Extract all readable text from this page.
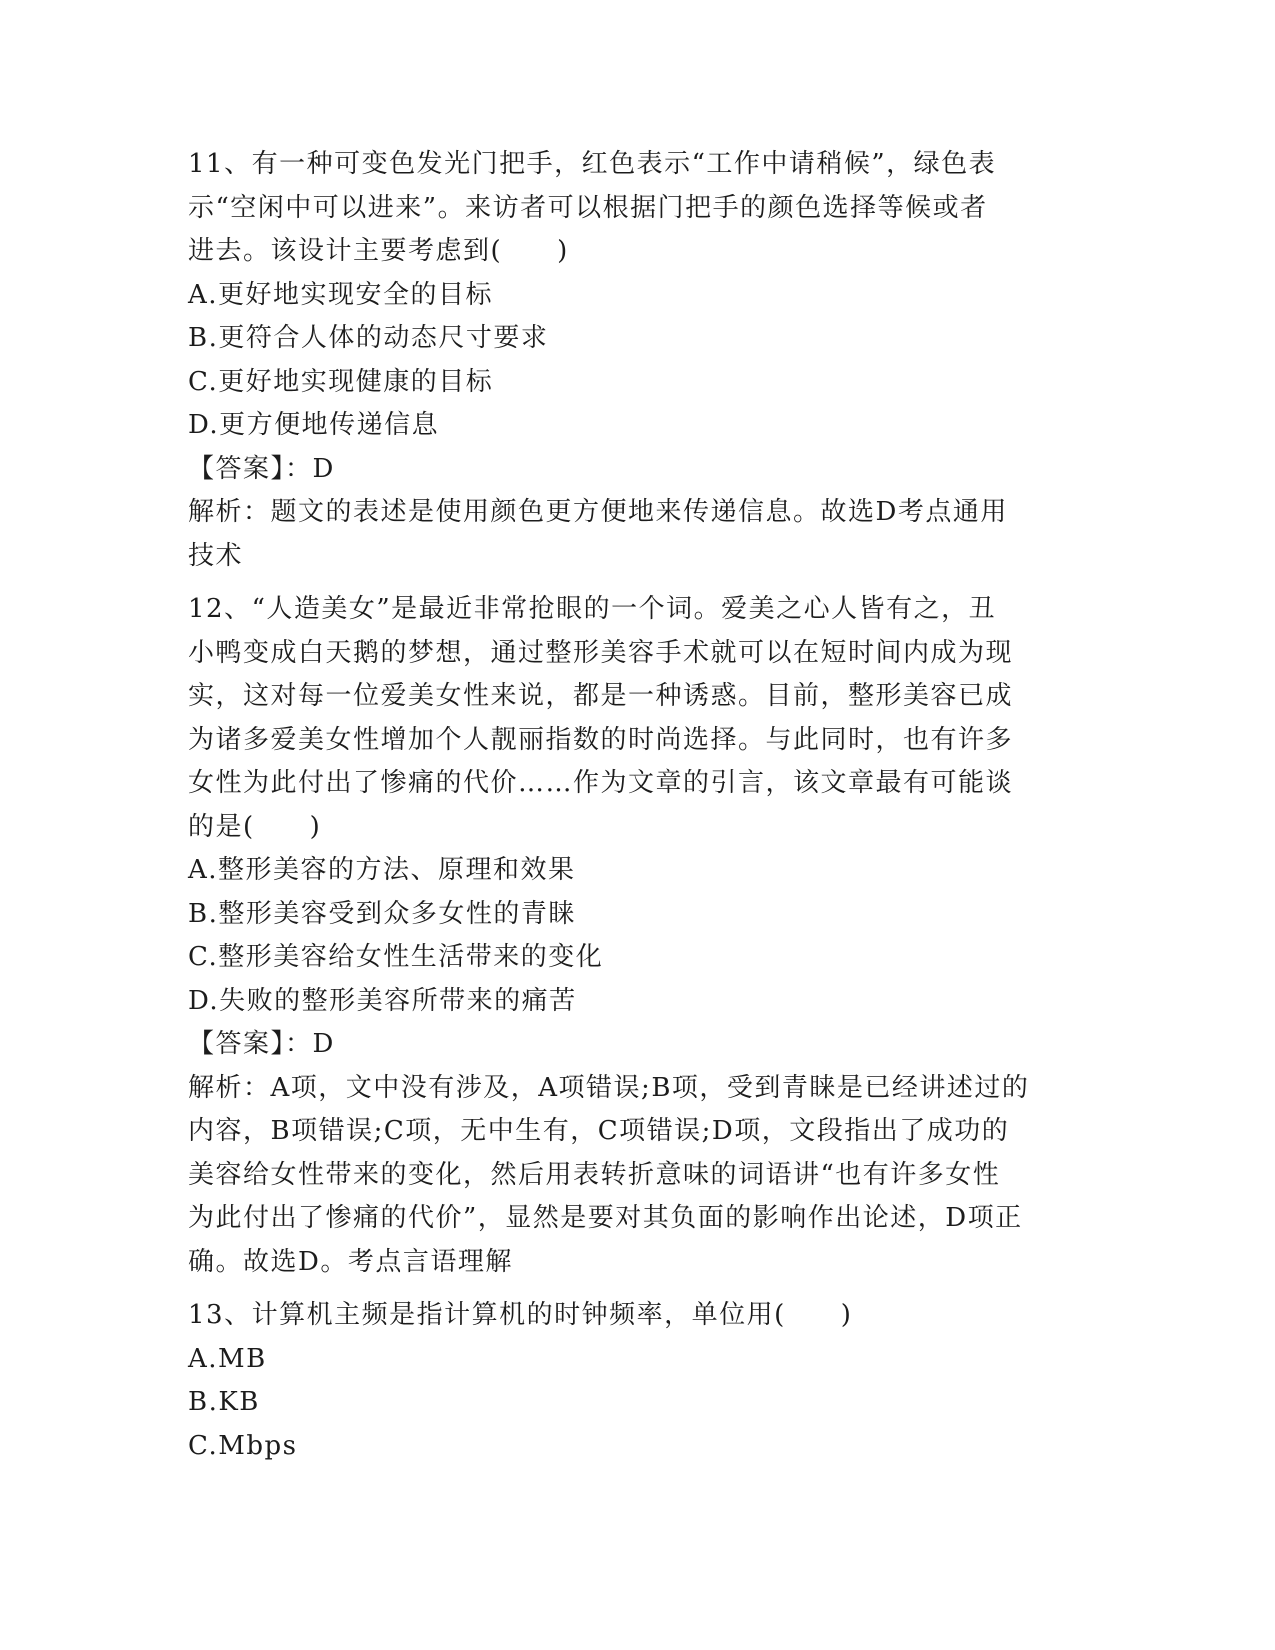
11、有一种可变色发光门把手，红色表示“工作中请稍候”，绿色表
示“空闲中可以进来”。来访者可以根据门把手的颜色选择等候或者
进去。该设计主要考虑到(　　)
A.更好地实现安全的目标
B.更符合人体的动态尺寸要求
C.更好地实现健康的目标
D.更方便地传递信息
【答案】：D
解析：题文的表述是使用颜色更方便地来传递信息。故选D考点通用
技术
12、“人造美女”是最近非常抢眼的一个词。爱美之心人皆有之，丑
小鸭变成白天鹅的梦想，通过整形美容手术就可以在短时间内成为现
实，这对每一位爱美女性来说，都是一种诱惑。目前，整形美容已成
为诸多爱美女性增加个人靓丽指数的时尚选择。与此同时，也有许多
女性为此付出了惨痛的代价……作为文章的引言，该文章最有可能谈
的是(　　)
A.整形美容的方法、原理和效果
B.整形美容受到众多女性的青睐
C.整形美容给女性生活带来的变化
D.失败的整形美容所带来的痛苦
【答案】：D
解析：A项，文中没有涉及，A项错误;B项，受到青睐是已经讲述过的
内容，B项错误;C项，无中生有，C项错误;D项，文段指出了成功的
美容给女性带来的变化，然后用表转折意味的词语讲“也有许多女性
为此付出了惨痛的代价”，显然是要对其负面的影响作出论述，D项正
确。故选D。考点言语理解
13、计算机主频是指计算机的时钟频率，单位用(　　)
A.MB
B.KB
C.Mbps
